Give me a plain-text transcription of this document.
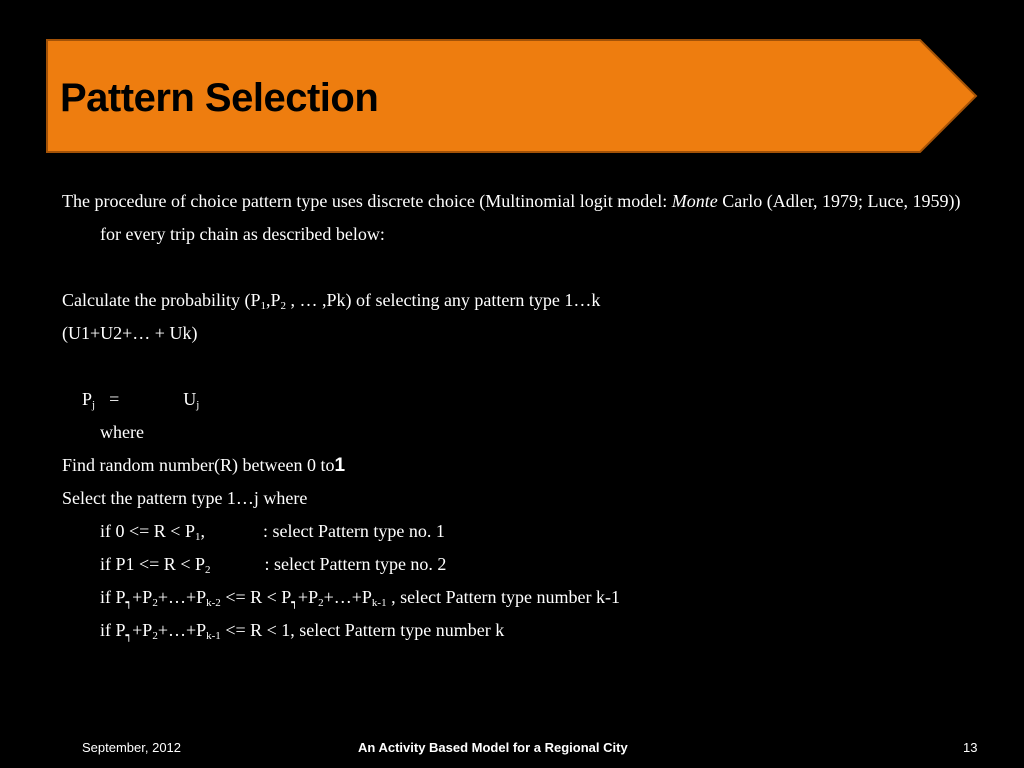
Pattern Selection
The procedure of choice pattern type uses discrete choice (Multinomial logit model: Monte Carlo (Adler, 1979; Luce, 1959)) for every trip chain as described below:
Calculate the probability ($P_1,P_2$ , … ,Pk) of selecting any pattern type 1…k
(U1+U2+… + Uk)
$P_j$ =	$U_j$
where
Find random number(R) between 0 to1
Select the pattern type 1…j where
if $0 <= R < P_1$,	: select Pattern type no. 1
if $P1 <= R < P_2$	: select Pattern type no. 2
if $P_┑+P_2+\dots+P_{k-2} <= R$ < $P_┑+P_2+\dots+P_{k-1}$ , select Pattern type number k-1
if $P_┑+P_2+\dots+P_{k-1} <= R < 1$, select Pattern type number k
September, 2012	An Activity Based Model for a Regional City	13
